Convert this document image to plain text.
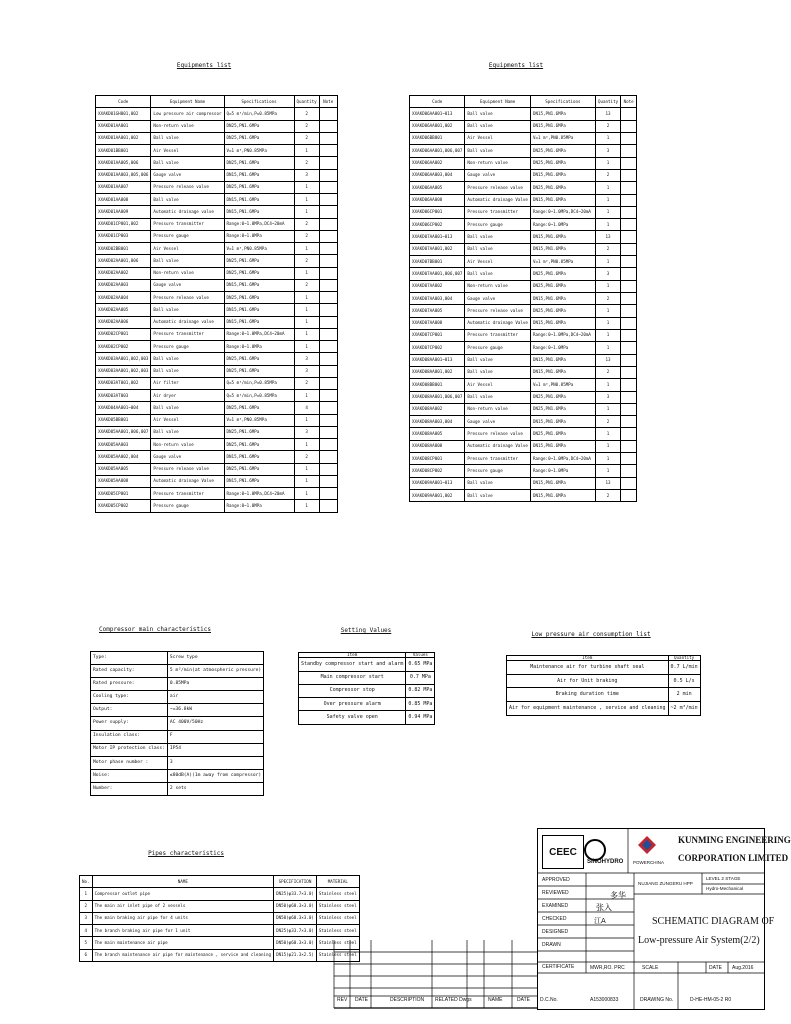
Equipments list
Code	Equipment Name	Specifications	Quantity	Note
XXAKD01GH001,002	Low pressure air compressor	Q=5 m³/min,P=0.85MPa	2	
XXAKD01AA001	Non-return valve	DN25,PN1.6MPa	2	
XXAKD01AA001,002	Ball valve	DN25,PN1.6MPa	2	
XXAKD01BB001	Air Vessel	V=1 m³,PN0.85MPa	1	
XXAKD01AA005,006	Ball valve	DN25,PN1.6MPa	2	
XXAKD01AA003,005,006	Gauge valve	DN15,PN1.6MPa	3	
XXAKD01AA007	Pressure release valve	DN25,PN1.6MPa	1	
XXAKD01AA008	Ball valve	DN15,PN1.6MPa	1	
XXAKD01AA009	Automatic drainage valve	DN15,PN1.6MPa	1	
XXAKD01CP001,002	Pressure transmitter	Range:0~1.0MPa,DC4~20mA	2	
XXAKD01CP003	Pressure gauge	Range:0~1.0MPa	2	
XXAKD02BB001	Air Vessel	V=1 m³,PN0.85MPa	1	
XXAKD02AA001,006	Ball valve	DN25,PN1.6MPa	2	
XXAKD02AA002	Non-return valve	DN25,PN1.6MPa	1	
XXAKD02AA003	Gauge valve	DN15,PN1.6MPa	2	
XXAKD02AA004	Pressure release valve	DN25,PN1.6MPa	1	
XXAKD02AA005	Ball valve	DN15,PN1.6MPa	1	
XXAKD02AA006	Automatic drainage valve	DN15,PN1.6MPa	1	
XXAKD02CP001	Pressure transmitter	Range:0~1.0MPa,DC4~20mA	1	
XXAKD02CP002	Pressure gauge	Range:0~1.0MPa	1	
XXAKD03AA001,002,003	Ball valve	DN25,PN1.6MPa	3	
XXAKD03AA001,002,003	Ball valve	DN25,PN1.6MPa	3	
XXAKD03AT001,002	Air filter	Q=5 m³/min,P=0.85MPa	2	
XXAKD03AT003	Air dryer	Q=5 m³/min,P=0.85MPa	1	
XXAKD04AA001~004	Ball valve	DN25,PN1.6MPa	4	
XXAKD05BB001	Air Vessel	V=1 m³,PN0.85MPa	1	
XXAKD05AA001,006,007	Ball valve	DN25,PN1.6MPa	3	
XXAKD05AA003	Non-return valve	DN25,PN1.6MPa	1	
XXAKD05AA002,004	Gauge valve	DN15,PN1.6MPa	2	
XXAKD05AA005	Pressure release valve	DN25,PN1.6MPa	1	
XXAKD05AA008	Automatic drainage Valve	DN15,PN1.6MPa	1	
XXAKD05CP001	Pressure transmitter	Range:0~1.0MPa,DC4~20mA	1	
XXAKD05CP002	Pressure gauge	Range:0~1.0MPa	1	
Equipments list
Code	Equipment Name	Specifications	Quantity	Note
XXAKD06AA001~013	Ball valve	DN15,PN1.6MPa	13	
XXAKD06AA001,002	Ball valve	DN15,PN1.6MPa	2	
XXAKD06BB001	Air Vessel	V=1 m³,PN0.85MPa	1	
XXAKD06AA001,006,007	Ball valve	DN25,PN1.6MPa	3	
XXAKD06AA002	Non-return valve	DN25,PN1.6MPa	1	
XXAKD06AA003,004	Gauge valve	DN15,PN1.6MPa	2	
XXAKD06AA005	Pressure release valve	DN25,PN1.6MPa	1	
XXAKD06AA008	Automatic drainage Valve	DN15,PN1.6MPa	1	
XXAKD06CP001	Pressure transmitter	Range:0~1.0MPa,DC4~20mA	1	
XXAKD06CP002	Pressure gauge	Range:0~1.0MPa	1	
XXAKD07AA001~013	Ball valve	DN15,PN1.6MPa	13	
XXAKD07AA001,002	Ball valve	DN15,PN1.6MPa	2	
XXAKD07BB001	Air Vessel	V=1 m³,PN0.85MPa	1	
XXAKD07AA001,006,007	Ball valve	DN25,PN1.6MPa	3	
XXAKD07AA002	Non-return valve	DN25,PN1.6MPa	1	
XXAKD07AA003,004	Gauge valve	DN15,PN1.6MPa	2	
XXAKD07AA005	Pressure release valve	DN25,PN1.6MPa	1	
XXAKD07AA008	Automatic drainage Valve	DN15,PN1.6MPa	1	
XXAKD07CP001	Pressure transmitter	Range:0~1.0MPa,DC4~20mA	1	
XXAKD07CP002	Pressure gauge	Range:0~1.0MPa	1	
XXAKD08AA001~013	Ball valve	DN15,PN1.6MPa	13	
XXAKD08AA001,002	Ball valve	DN15,PN1.6MPa	2	
XXAKD08BB001	Air Vessel	V=1 m³,PN0.85MPa	1	
XXAKD08AA001,006,007	Ball valve	DN25,PN1.6MPa	3	
XXAKD08AA002	Non-return valve	DN25,PN1.6MPa	1	
XXAKD08AA003,004	Gauge valve	DN15,PN1.6MPa	2	
XXAKD08AA005	Pressure release valve	DN25,PN1.6MPa	1	
XXAKD08AA008	Automatic drainage Valve	DN15,PN1.6MPa	1	
XXAKD08CP001	Pressure transmitter	Range:0~1.0MPa,DC4~20mA	1	
XXAKD08CP002	Pressure gauge	Range:0~1.0MPa	1	
XXAKD09AA001~013	Ball valve	DN15,PN1.6MPa	13	
XXAKD09AA001,002	Ball valve	DN15,PN1.6MPa	2	
Compressor main characteristics
Type:	Screw type
Rated capacity:	5 m³/min(at atmospheric pressure)
Rated pressure:	0.85MPa
Cooling type:	air
Output:	~=36.8kW
Power supply:	AC 400V/50Hz
Insulation class:	F
Motor IP protection class:	IP54
Motor phase number :	3
Noise:	≤80dB(A)(1m away from compressor)
Number:	2 sets
Setting Values
Item	Values
Standby compressor start and alarm	0.65 MPa
Main compressor start	0.7 MPa
Compressor stop	0.82 MPa
Over pressure alarm	0.85 MPa
Safety valve open	0.94 MPa
Low pressure air consumption list
Item	Quantity
Maintenance air for turbine shaft seal	0.7 L/min
Air for Unit braking	0.5 L/s
Braking duration time	2 min
Air for equipment maintenance , service and cleaning	~2 m³/min
Pipes characteristics
No.	NAME	SPECIFICATION	MATERIAL
1	Compressor outlet pipe	DN25(φ33.7×3.0)	Stainless steel
2	The main air inlet pipe of 2 vessels	DN50(φ60.3×3.0)	Stainless steel
3	The main braking air pipe for 4 units	DN50(φ60.3×3.0)	Stainless steel
4	The branch braking air pipe for 1 unit	DN25(φ33.7×3.0)	Stainless steel
5	The main maintenance air pipe	DN50(φ60.3×3.0)	Stainless steel
6	The branch maintenance air pipe for maintenance , service and cleaning	DN15(φ21.3×2.5)	Stainless steel
REV DATE	DESCRIPTION RELATED Dwgs	NAME	DATE
CEEC
SINOHYDRO POWERCHINA
KUNMING ENGINEERING
CORPORATION LIMITED
APPROVED
REVIEWED
EXAMINED
CHECKED
DESIGNED
DRAWN
CERTIFICATE
多华
张入
江A
NUJIANG ZUNGERU HPP
LEVEL 2 STAGE
Hydro-Mechanical
SCHEMATIC DIAGRAM OF
Low-pressure Air System(2/2)
SCALE	DATE Aug.2016
MWR,RO. PRC
D.C.No.	A153000833	DRAWING No.	D-HE-HM-05-2 R0
